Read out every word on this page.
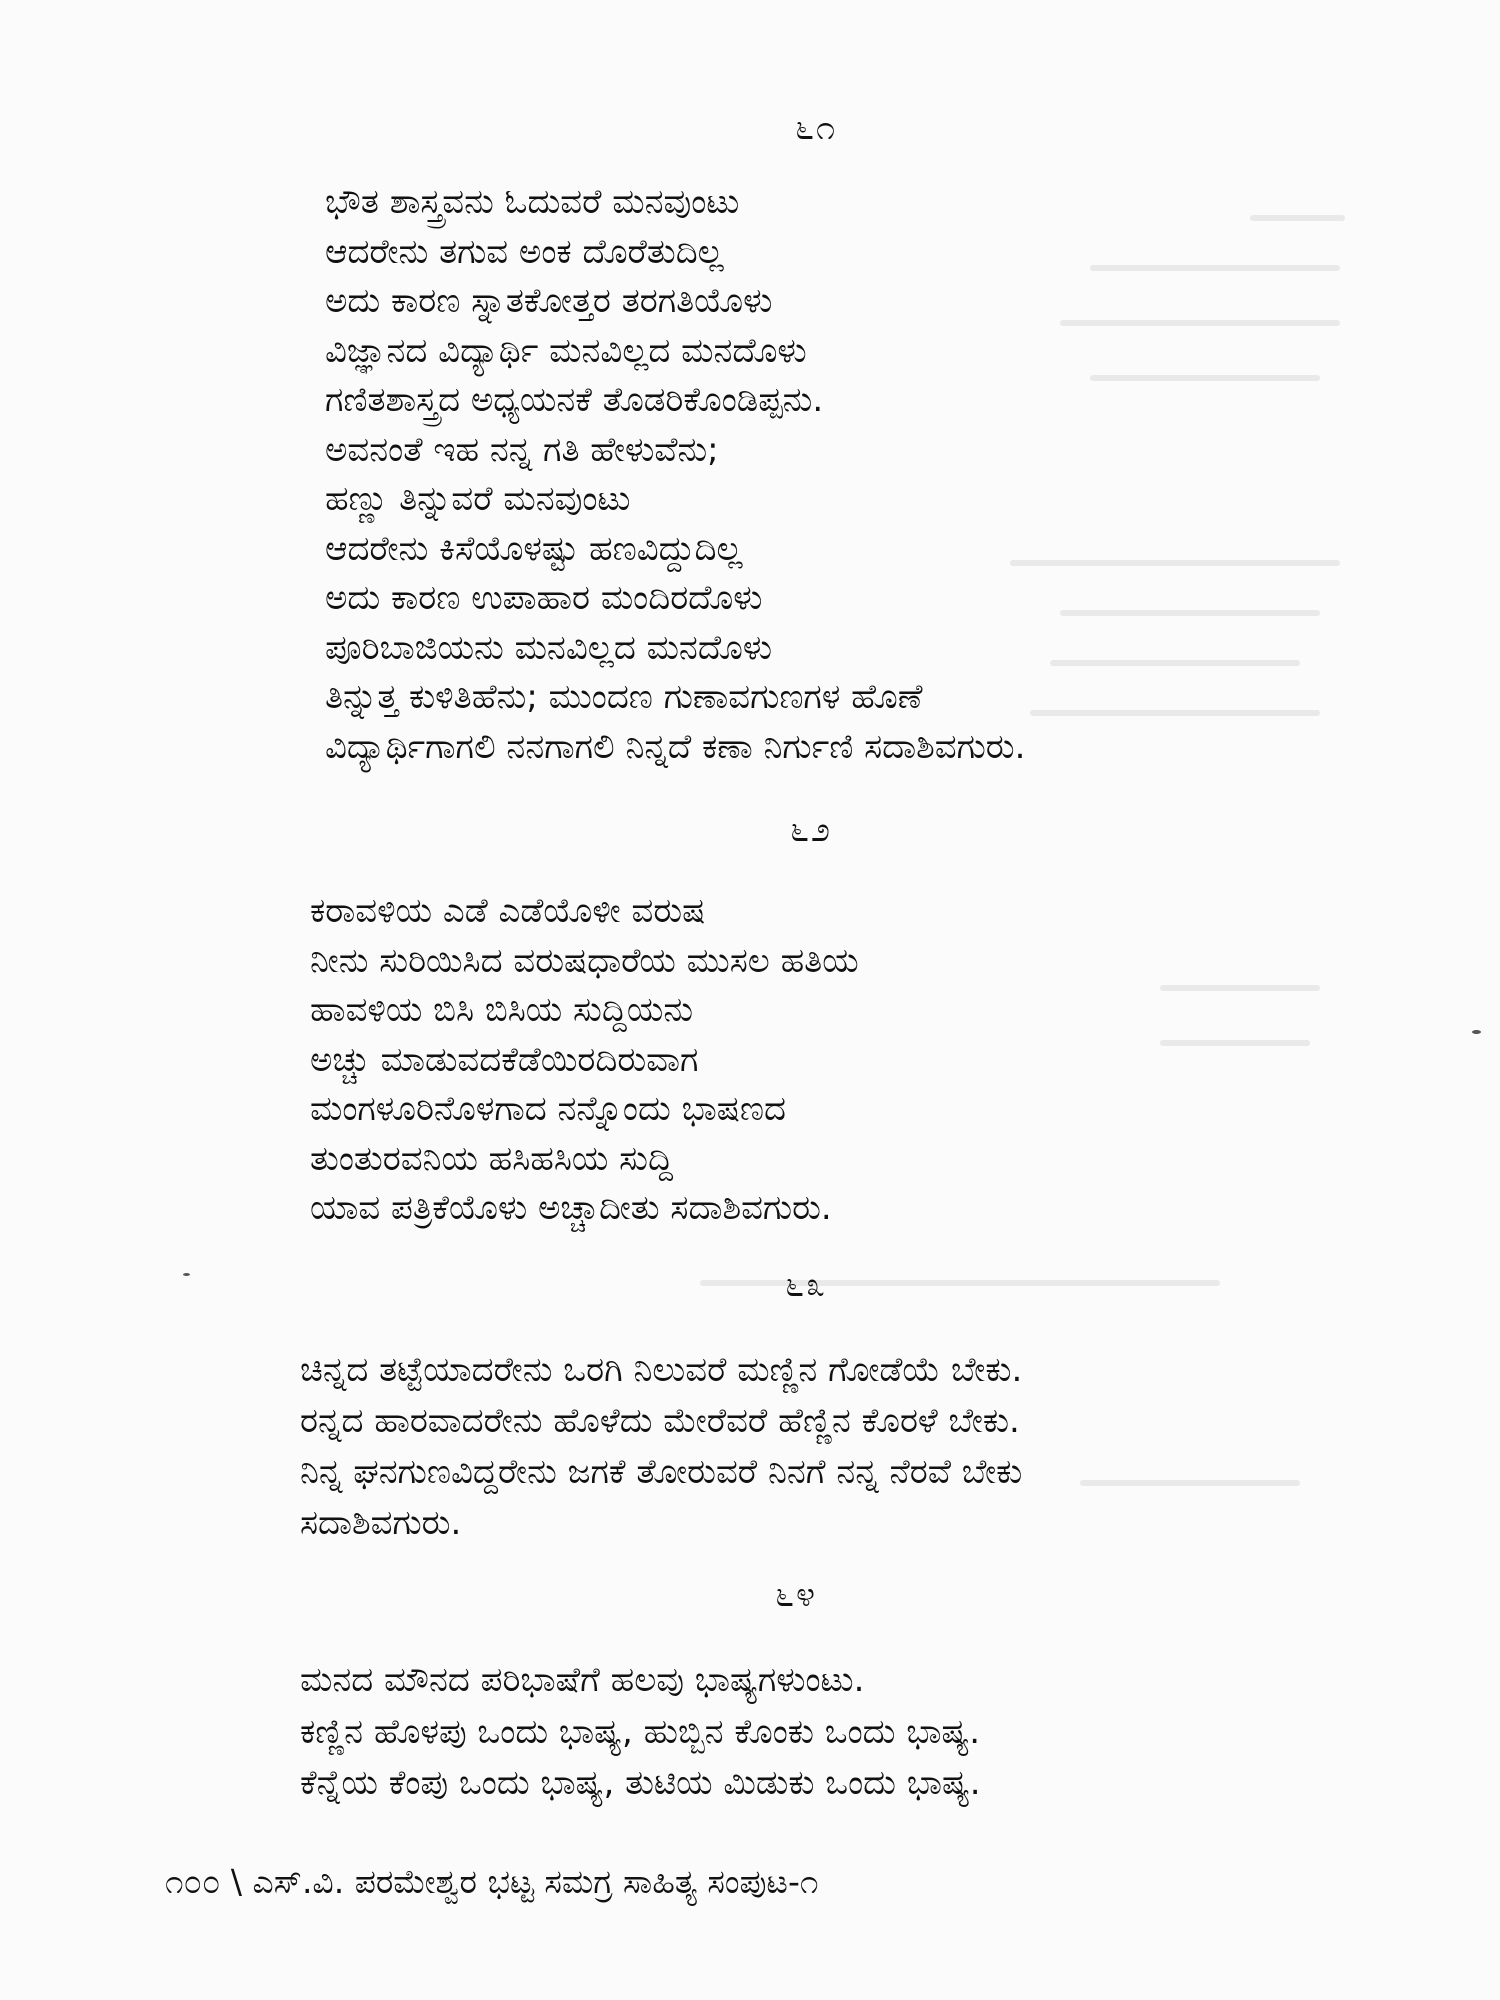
೬೧
ಭೌತ ಶಾಸ್ತ್ರವನು ಓದುವರೆ ಮನವುಂಟು
ಆದರೇನು ತಗುವ ಅಂಕ ದೊರೆತುದಿಲ್ಲ
ಅದು ಕಾರಣ ಸ್ನಾತಕೋತ್ತರ ತರಗತಿಯೊಳು
ವಿಜ್ಞಾನದ ವಿದ್ಯಾರ್ಥಿ ಮನವಿಲ್ಲದ ಮನದೊಳು
ಗಣಿತಶಾಸ್ತ್ರದ ಅಧ್ಯಯನಕೆ ತೊಡರಿಕೊಂಡಿಪ್ಪನು.
ಅವನಂತೆ ಇಹ ನನ್ನ ಗತಿ ಹೇಳುವೆನು;
ಹಣ್ಣು ತಿನ್ನುವರೆ ಮನವುಂಟು
ಆದರೇನು ಕಿಸೆಯೊಳಷ್ಟು ಹಣವಿದ್ದುದಿಲ್ಲ
ಅದು ಕಾರಣ ಉಪಾಹಾರ ಮಂದಿರದೊಳು
ಪೂರಿಬಾಜಿಯನು ಮನವಿಲ್ಲದ ಮನದೊಳು
ತಿನ್ನುತ್ತ ಕುಳಿತಿಹೆನು; ಮುಂದಣ ಗುಣಾವಗುಣಗಳ ಹೊಣೆ
ವಿದ್ಯಾರ್ಥಿಗಾಗಲಿ ನನಗಾಗಲಿ ನಿನ್ನದೆ ಕಣಾ ನಿರ್ಗುಣಿ ಸದಾಶಿವಗುರು.
೬೨
ಕರಾವಳಿಯ ಎಡೆ ಎಡೆಯೊಳೀ ವರುಷ
ನೀನು ಸುರಿಯಿಸಿದ ವರುಷಧಾರೆಯ ಮುಸಲ ಹತಿಯ
ಹಾವಳಿಯ ಬಿಸಿ ಬಿಸಿಯ ಸುದ್ದಿಯನು
ಅಚ್ಚು ಮಾಡುವದಕೆಡೆಯಿರದಿರುವಾಗ
ಮಂಗಳೂರಿನೊಳಗಾದ ನನ್ನೊಂದು ಭಾಷಣದ
ತುಂತುರವನಿಯ ಹಸಿಹಸಿಯ ಸುದ್ದಿ
ಯಾವ ಪತ್ರಿಕೆಯೊಳು ಅಚ್ಚಾದೀತು ಸದಾಶಿವಗುರು.
೬೩
ಚಿನ್ನದ ತಟ್ಟೆಯಾದರೇನು ಒರಗಿ ನಿಲುವರೆ ಮಣ್ಣಿನ ಗೋಡೆಯೆ ಬೇಕು.
ರನ್ನದ ಹಾರವಾದರೇನು ಹೊಳೆದು ಮೇರೆವರೆ ಹೆಣ್ಣಿನ ಕೊರಳೆ ಬೇಕು.
ನಿನ್ನ ಘನಗುಣವಿದ್ದರೇನು ಜಗಕೆ ತೋರುವರೆ ನಿನಗೆ ನನ್ನ ನೆರವೆ ಬೇಕು
ಸದಾಶಿವಗುರು.
೬೪
ಮನದ ಮೌನದ ಪರಿಭಾಷೆಗೆ ಹಲವು ಭಾಷ್ಯಗಳುಂಟು.
ಕಣ್ಣಿನ ಹೊಳಪು ಒಂದು ಭಾಷ್ಯ, ಹುಬ್ಬಿನ ಕೊಂಕು ಒಂದು ಭಾಷ್ಯ.
ಕೆನ್ನೆಯ ಕೆಂಪು ಒಂದು ಭಾಷ್ಯ, ತುಟಿಯ ಮಿಡುಕು ಒಂದು ಭಾಷ್ಯ.
೧೦೦ \ ಎಸ್.ವಿ. ಪರಮೇಶ್ವರ ಭಟ್ಟ ಸಮಗ್ರ ಸಾಹಿತ್ಯ ಸಂಪುಟ-೧
